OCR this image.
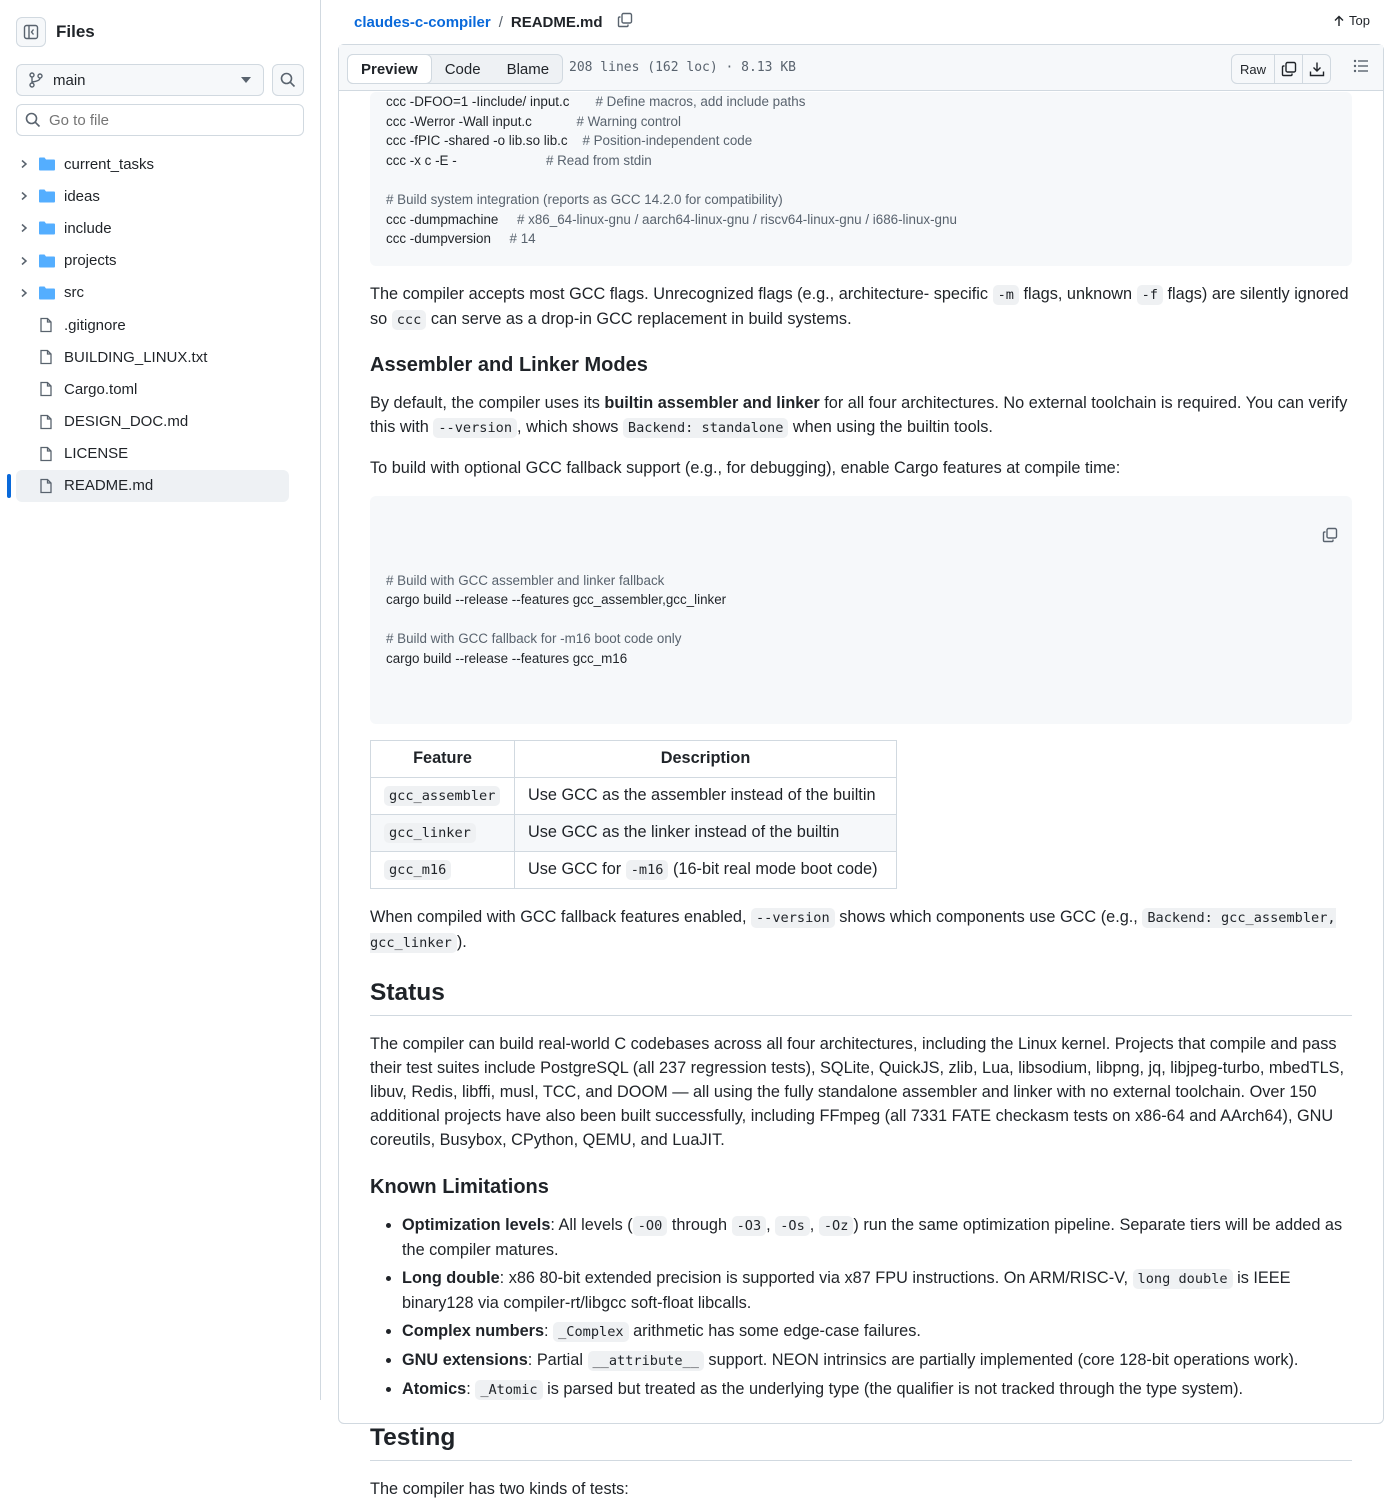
Files
main
Go to file
current_tasks
ideas
include
projects
src
.gitignore
BUILDING_LINUX.txt
Cargo.toml
DESIGN_DOC.md
LICENSE
README.md
claudes-c-compiler / README.md	Top
Preview	Code	Blame	208 lines (162 loc) · 8.13 KB	Raw
ccc -DFOO=1 -Iinclude/ input.c       # Define macros, add include paths
ccc -Werror -Wall input.c            # Warning control
ccc -fPIC -shared -o lib.so lib.c    # Position-independent code
ccc -x c -E -                        # Read from stdin
# Build system integration (reports as GCC 14.2.0 for compatibility)
ccc -dumpmachine     # x86_64-linux-gnu / aarch64-linux-gnu / riscv64-linux-gnu / i686-linux-gnu
ccc -dumpversion     # 14

The compiler accepts most GCC flags. Unrecognized flags (e.g., architecture- specific -m flags, unknown -f flags) are silently ignored so ccc can serve as a drop-in GCC replacement in build systems.

Assembler and Linker Modes

By default, the compiler uses its builtin assembler and linker for all four architectures. No external toolchain is required. You can verify this with --version , which shows Backend: standalone when using the builtin tools.

To build with optional GCC fallback support (e.g., for debugging), enable Cargo features at compile time:

# Build with GCC assembler and linker fallback
cargo build --release --features gcc_assembler,gcc_linker
# Build with GCC fallback for -m16 boot code only
cargo build --release --features gcc_m16

Feature	Description
gcc_assembler	Use GCC as the assembler instead of the builtin
gcc_linker	Use GCC as the linker instead of the builtin
gcc_m16	Use GCC for -m16 (16-bit real mode boot code)

When compiled with GCC fallback features enabled, --version shows which components use GCC (e.g., Backend: gcc_assembler, gcc_linker ).

Status

The compiler can build real-world C codebases across all four architectures, including the Linux kernel. Projects that compile and pass their test suites include PostgreSQL (all 237 regression tests), SQLite, QuickJS, zlib, Lua, libsodium, libpng, jq, libjpeg-turbo, mbedTLS, libuv, Redis, libffi, musl, TCC, and DOOM — all using the fully standalone assembler and linker with no external toolchain. Over 150 additional projects have also been built successfully, including FFmpeg (all 7331 FATE checkasm tests on x86-64 and AArch64), GNU coreutils, Busybox, CPython, QEMU, and LuaJIT.

Known Limitations
• Optimization levels: All levels ( -O0 through -O3 , -Os , -Oz ) run the same optimization pipeline. Separate tiers will be added as the compiler matures.
• Long double: x86 80-bit extended precision is supported via x87 FPU instructions. On ARM/RISC-V, long double is IEEE binary128 via compiler-rt/libgcc soft-float libcalls.
• Complex numbers: _Complex arithmetic has some edge-case failures.
• GNU extensions: Partial __attribute__ support. NEON intrinsics are partially implemented (core 128-bit operations work).
• Atomics: _Atomic is parsed but treated as the underlying type (the qualifier is not tracked through the type system).
Testing

The compiler has two kinds of tests:
